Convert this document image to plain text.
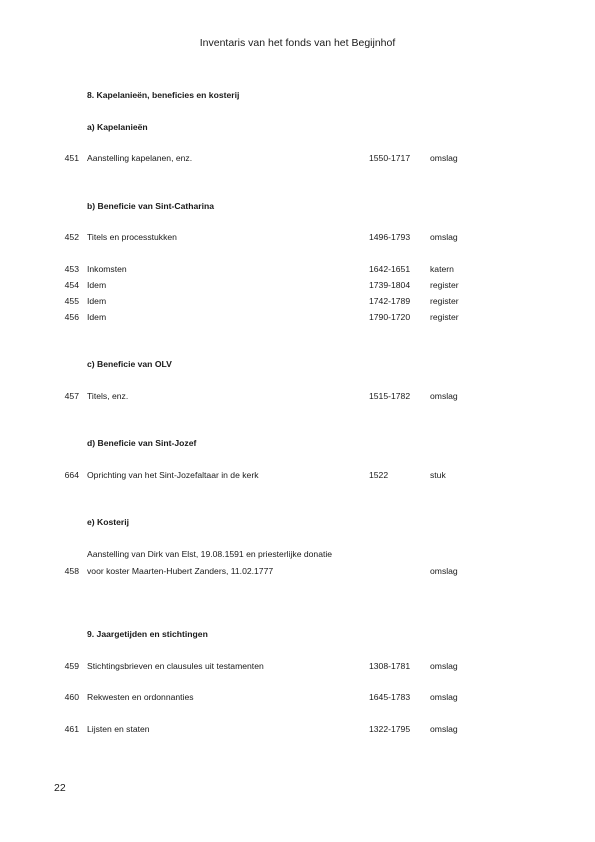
Inventaris van het fonds van het Begijnhof
8. Kapelanieën, beneficies en kosterij
a) Kapelanieën
451 Aanstelling kapelanen, enz.	1550-1717 omslag
b) Beneficie van Sint-Catharina
452 Titels en processtukken	1496-1793 omslag
453 Inkomsten	1642-1651 katern
454 Idem	1739-1804 register
455 Idem	1742-1789 register
456 Idem	1790-1720 register
c) Beneficie van OLV
457 Titels, enz.	1515-1782 omslag
d) Beneficie van Sint-Jozef
664 Oprichting van het Sint-Jozefaltaar in de kerk	1522	stuk
e) Kosterij
Aanstelling van Dirk van Elst, 19.08.1591 en priesterlijke donatie
458 voor koster Maarten-Hubert Zanders, 11.02.1777	omslag
9. Jaargetijden en stichtingen
459 Stichtingsbrieven en clausules uit testamenten	1308-1781 omslag
460 Rekwesten en ordonnanties	1645-1783 omslag
461 Lijsten en staten	1322-1795 omslag
22
